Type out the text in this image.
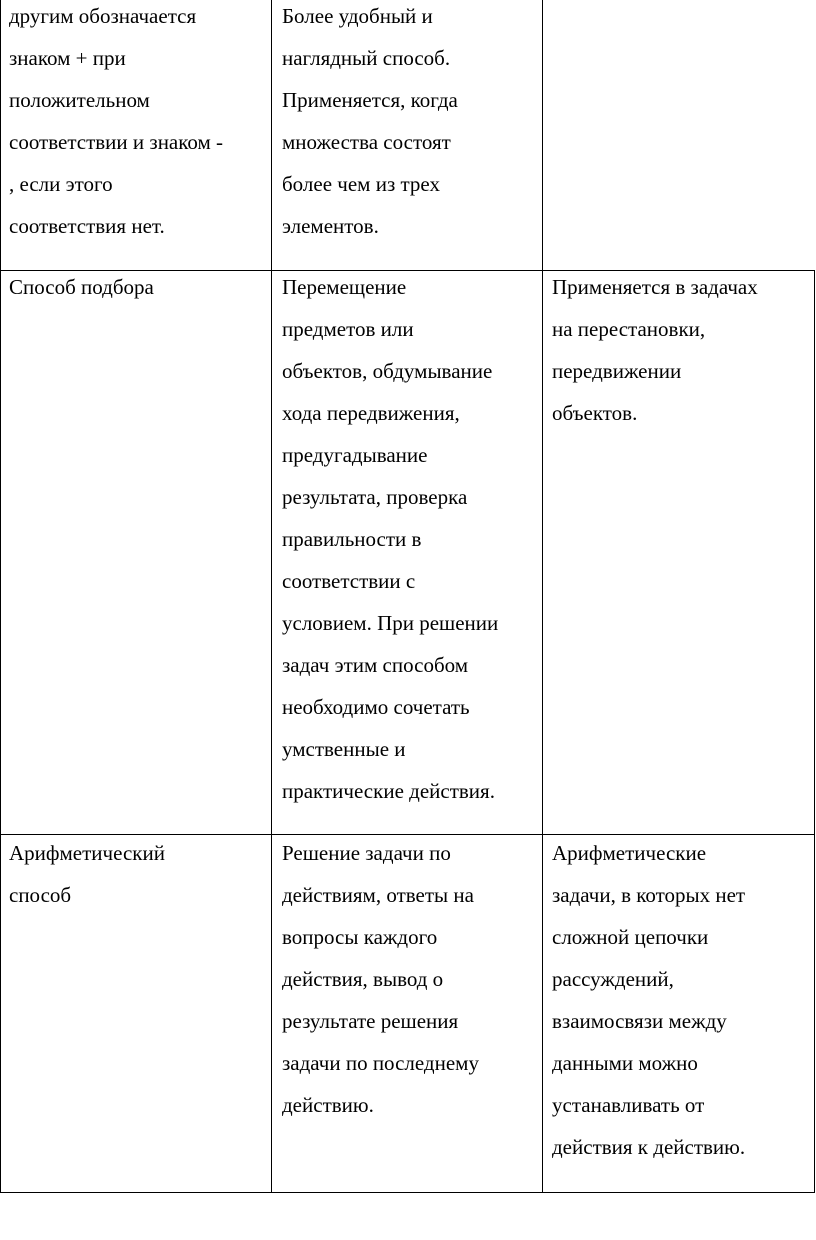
другим обозначается
знаком + при
положительном
соответствии и знаком -
, если этого
соответствия нет.
Более удобный и
наглядный способ.
Применяется, когда
множества состоят
более чем из трех
элементов.
Способ подбора	Перемещение
предметов или
объектов, обдумывание
хода передвижения,
предугадывание
результата, проверка
правильности в
соответствии с
условием. При решении
задач этим способом
необходимо сочетать
умственные и
практические действия.
Применяется в задачах
на перестановки,
передвижении
объектов.
Арифметический
способ
Решение задачи по
действиям, ответы на
вопросы каждого
действия, вывод о
результате решения
задачи по последнему
действию.
Арифметические
задачи, в которых нет
сложной цепочки
рассуждений,
взаимосвязи между
данными можно
устанавливать от
действия к действию.
